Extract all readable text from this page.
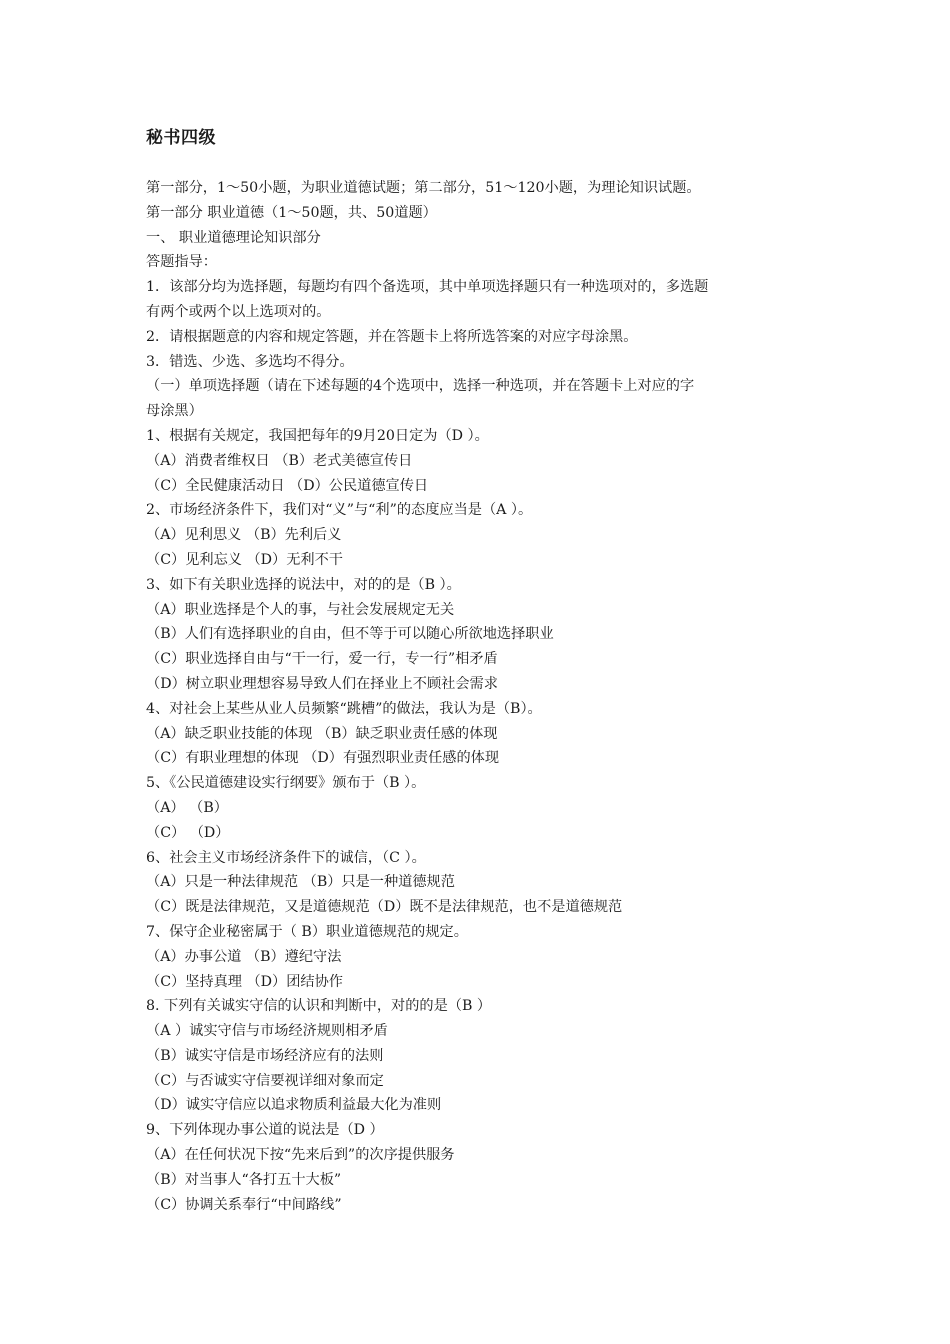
秘书四级

第一部分，1～50小题，为职业道德试题；第二部分，51～120小题，为理论知识试题。

第一部分 职业道德（1～50题，共、50道题）

一、 职业道德理论知识部分

答题指导：

1．该部分均为选择题，每题均有四个备选项，其中单项选择题只有一种选项对的，多选题

有两个或两个以上选项对的。

2．请根据题意的内容和规定答题，并在答题卡上将所选答案的对应字母涂黑。

3．错选、少选、多选均不得分。

（一）单项选择题（请在下述每题的4个选项中，选择一种选项，并在答题卡上对应的字

母涂黑）

1、根据有关规定，我国把每年的9月20日定为（D ）。

（A）消费者维权日 （B）老式美德宣传日

（C）全民健康活动日 （D）公民道德宣传日

2、市场经济条件下，我们对“义”与“利”的态度应当是（A ）。

（A）见利思义 （B）先利后义

（C）见利忘义 （D）无利不干

3、如下有关职业选择的说法中，对的的是（B ）。

（A）职业选择是个人的事，与社会发展规定无关

（B）人们有选择职业的自由，但不等于可以随心所欲地选择职业

（C）职业选择自由与“干一行，爱一行，专一行”相矛盾

（D）树立职业理想容易导致人们在择业上不顾社会需求

4、对社会上某些从业人员频繁“跳槽”的做法，我认为是（B）。

（A）缺乏职业技能的体现 （B）缺乏职业责任感的体现

（C）有职业理想的体现 （D）有强烈职业责任感的体现

5、《公民道德建设实行纲要》颁布于（B ）。

（A） （B）

（C） （D）

6、社会主义市场经济条件下的诚信，（C ）。

（A）只是一种法律规范 （B）只是一种道德规范

（C）既是法律规范，又是道德规范（D）既不是法律规范，也不是道德规范

7、保守企业秘密属于（ B）职业道德规范的规定。

（A）办事公道 （B）遵纪守法

（C）坚持真理 （D）团结协作

8. 下列有关诚实守信的认识和判断中，对的的是（B ）

（A ）诚实守信与市场经济规则相矛盾

（B）诚实守信是市场经济应有的法则

（C）与否诚实守信要视详细对象而定

（D）诚实守信应以追求物质利益最大化为准则

9、下列体现办事公道的说法是（D ）

（A）在任何状况下按“先来后到”的次序提供服务

（B）对当事人“各打五十大板”

（C）协调关系奉行“中间路线”
